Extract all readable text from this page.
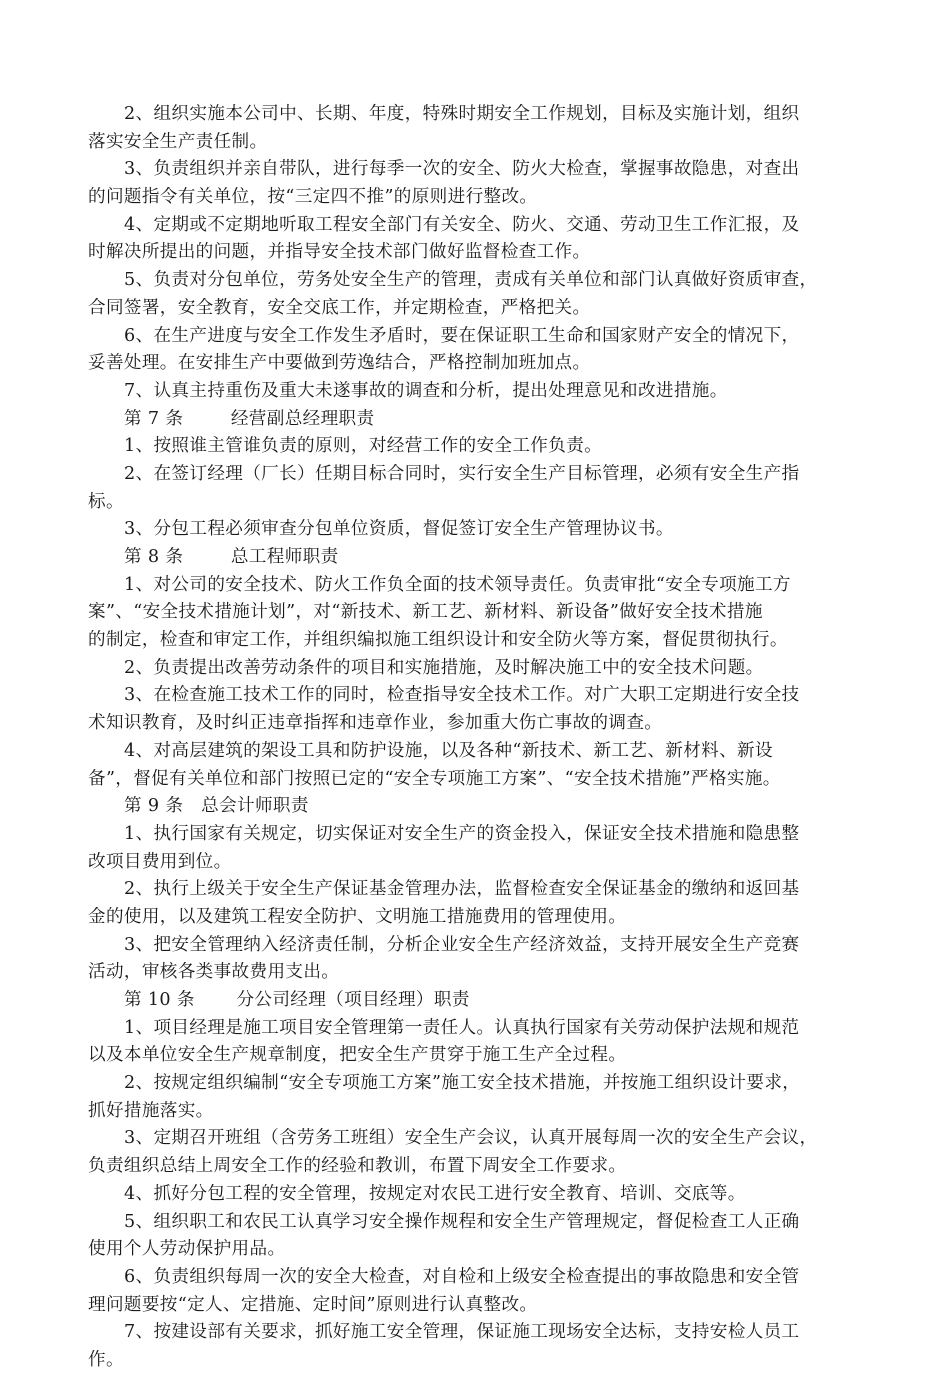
2、组织实施本公司中、长期、年度，特殊时期安全工作规划，目标及实施计划，组织
落实安全生产责任制。
3、负责组织并亲自带队，进行每季一次的安全、防火大检查，掌握事故隐患，对查出
的问题指令有关单位，按“三定四不推”的原则进行整改。
4、定期或不定期地听取工程安全部门有关安全、防火、交通、劳动卫生工作汇报，及
时解决所提出的问题，并指导安全技术部门做好监督检查工作。
5、负责对分包单位，劳务处安全生产的管理，责成有关单位和部门认真做好资质审查，
合同签署，安全教育，安全交底工作，并定期检查，严格把关。
6、在生产进度与安全工作发生矛盾时，要在保证职工生命和国家财产安全的情况下，
妥善处理。在安排生产中要做到劳逸结合，严格控制加班加点。
7、认真主持重伤及重大未遂事故的调查和分析，提出处理意见和改进措施。
第 7 条        经营副总经理职责
1、按照谁主管谁负责的原则，对经营工作的安全工作负责。
2、在签订经理（厂长）任期目标合同时，实行安全生产目标管理，必须有安全生产指
标。
3、分包工程必须审查分包单位资质，督促签订安全生产管理协议书。
第 8 条        总工程师职责
1、对公司的安全技术、防火工作负全面的技术领导责任。负责审批“安全专项施工方
案”、“安全技术措施计划”，对“新技术、新工艺、新材料、新设备”做好安全技术措施
的制定，检查和审定工作，并组织编拟施工组织设计和安全防火等方案，督促贯彻执行。
2、负责提出改善劳动条件的项目和实施措施，及时解决施工中的安全技术问题。
3、在检查施工技术工作的同时，检查指导安全技术工作。对广大职工定期进行安全技
术知识教育，及时纠正违章指挥和违章作业，参加重大伤亡事故的调查。
4、对高层建筑的架设工具和防护设施，以及各种“新技术、新工艺、新材料、新设
备”，督促有关单位和部门按照已定的“安全专项施工方案”、“安全技术措施”严格实施。
第 9 条   总会计师职责
1、执行国家有关规定，切实保证对安全生产的资金投入，保证安全技术措施和隐患整
改项目费用到位。
2、执行上级关于安全生产保证基金管理办法，监督检查安全保证基金的缴纳和返回基
金的使用，以及建筑工程安全防护、文明施工措施费用的管理使用。
3、把安全管理纳入经济责任制，分析企业安全生产经济效益，支持开展安全生产竞赛
活动，审核各类事故费用支出。
第 10 条       分公司经理（项目经理）职责
1、项目经理是施工项目安全管理第一责任人。认真执行国家有关劳动保护法规和规范
以及本单位安全生产规章制度，把安全生产贯穿于施工生产全过程。
2、按规定组织编制“安全专项施工方案”施工安全技术措施，并按施工组织设计要求，
抓好措施落实。
3、定期召开班组（含劳务工班组）安全生产会议，认真开展每周一次的安全生产会议，
负责组织总结上周安全工作的经验和教训，布置下周安全工作要求。
4、抓好分包工程的安全管理，按规定对农民工进行安全教育、培训、交底等。
5、组织职工和农民工认真学习安全操作规程和安全生产管理规定，督促检查工人正确
使用个人劳动保护用品。
6、负责组织每周一次的安全大检查，对自检和上级安全检查提出的事故隐患和安全管
理问题要按“定人、定措施、定时间”原则进行认真整改。
7、按建设部有关要求，抓好施工安全管理，保证施工现场安全达标，支持安检人员工
作。
